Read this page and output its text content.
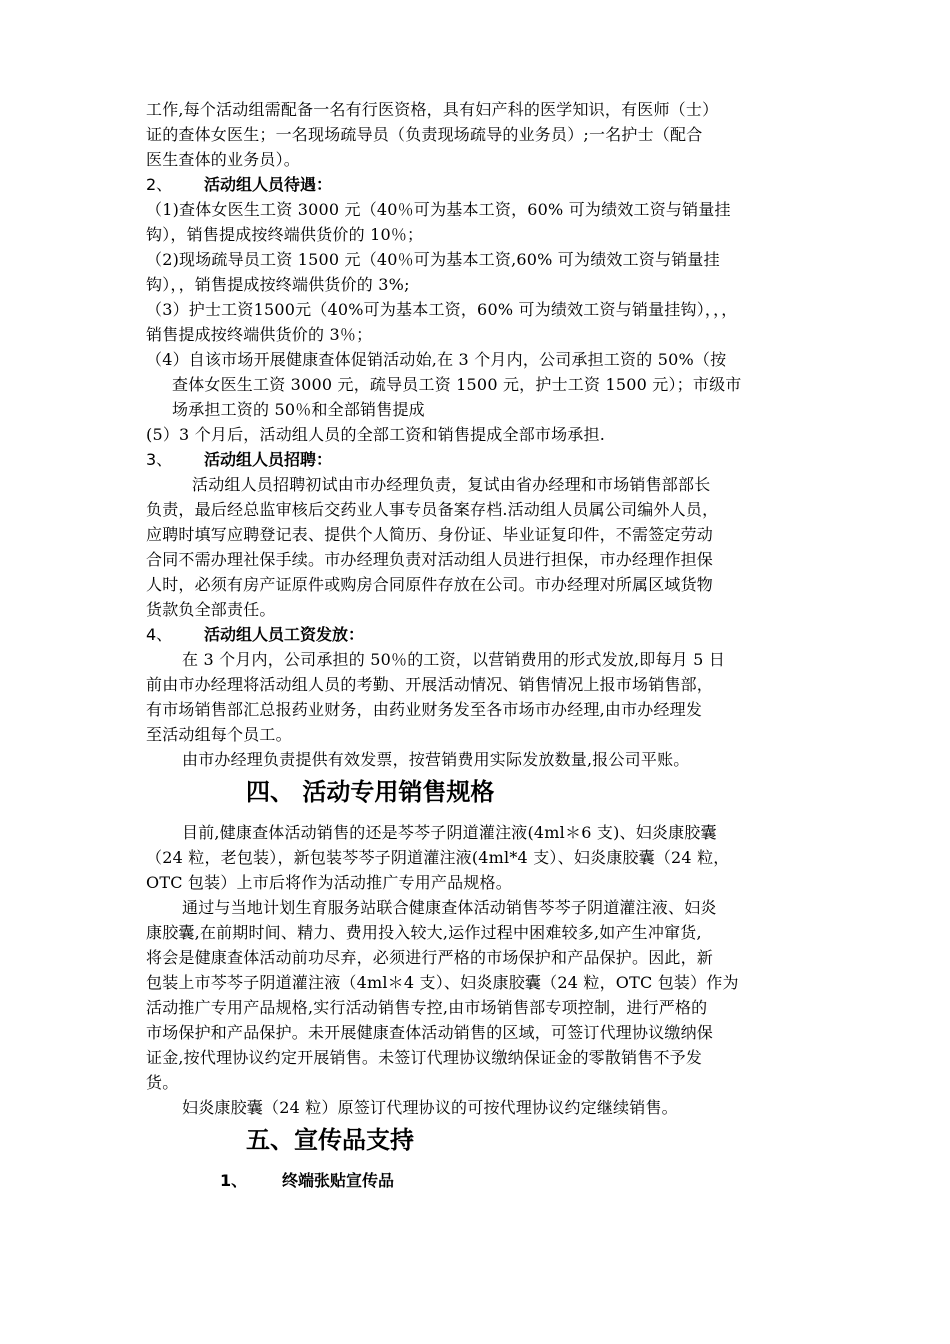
工作,每个活动组需配备一名有行医资格，具有妇产科的医学知识，有医师（士）
证的查体女医生；一名现场疏导员（负责现场疏导的业务员）;一名护士（配合
医生查体的业务员）。
2、 活动组人员待遇：
（1)查体女医生工资 3000 元（40％可为基本工资，60% 可为绩效工资与销量挂
钩），销售提成按终端供货价的 10％；
（2)现场疏导员工资 1500 元（40％可为基本工资,60% 可为绩效工资与销量挂
钩），，销售提成按终端供货价的 3%;
（3）护士工资1500元（40%可为基本工资，60% 可为绩效工资与销量挂钩），，，
销售提成按终端供货价的 3％；
（4）自该市场开展健康查体促销活动始,在 3 个月内，公司承担工资的 50%（按
查体女医生工资 3000 元，疏导员工资 1500 元，护士工资 1500 元）；市级市
场承担工资的 50％和全部销售提成
(5）3 个月后，活动组人员的全部工资和销售提成全部市场承担.
3、 活动组人员招聘：
活动组人员招聘初试由市办经理负责，复试由省办经理和市场销售部部长
负责，最后经总监审核后交药业人事专员备案存档.活动组人员属公司编外人员，
应聘时填写应聘登记表、提供个人简历、身份证、毕业证复印件，不需签定劳动
合同不需办理社保手续。市办经理负责对活动组人员进行担保，市办经理作担保
人时，必须有房产证原件或购房合同原件存放在公司。市办经理对所属区域货物
货款负全部责任。
4、 活动组人员工资发放：
在 3 个月内，公司承担的 50％的工资，以营销费用的形式发放,即每月 5 日
前由市办经理将活动组人员的考勤、开展活动情况、销售情况上报市场销售部，
有市场销售部汇总报药业财务，由药业财务发至各市场市办经理,由市办经理发
至活动组每个员工。
由市办经理负责提供有效发票，按营销费用实际发放数量,报公司平账。
四、 活动专用销售规格
目前,健康查体活动销售的还是芩芩子阴道灌注液(4ml＊6 支)、妇炎康胶囊
（24 粒，老包装），新包装芩芩子阴道灌注液(4ml*4 支）、妇炎康胶囊（24 粒，
OTC 包装）上市后将作为活动推广专用产品规格。
通过与当地计划生育服务站联合健康查体活动销售芩芩子阴道灌注液、妇炎
康胶囊,在前期时间、精力、费用投入较大,运作过程中困难较多,如产生冲窜货,
将会是健康查体活动前功尽弃，必须进行严格的市场保护和产品保护。因此，新
包装上市芩芩子阴道灌注液（4ml＊4 支）、妇炎康胶囊（24 粒，OTC 包装）作为
活动推广专用产品规格,实行活动销售专控,由市场销售部专项控制，进行严格的
市场保护和产品保护。未开展健康查体活动销售的区域，可签订代理协议缴纳保
证金,按代理协议约定开展销售。未签订代理协议缴纳保证金的零散销售不予发
货。
妇炎康胶囊（24 粒）原签订代理协议的可按代理协议约定继续销售。
五、宣传品支持
1、 终端张贴宣传品
